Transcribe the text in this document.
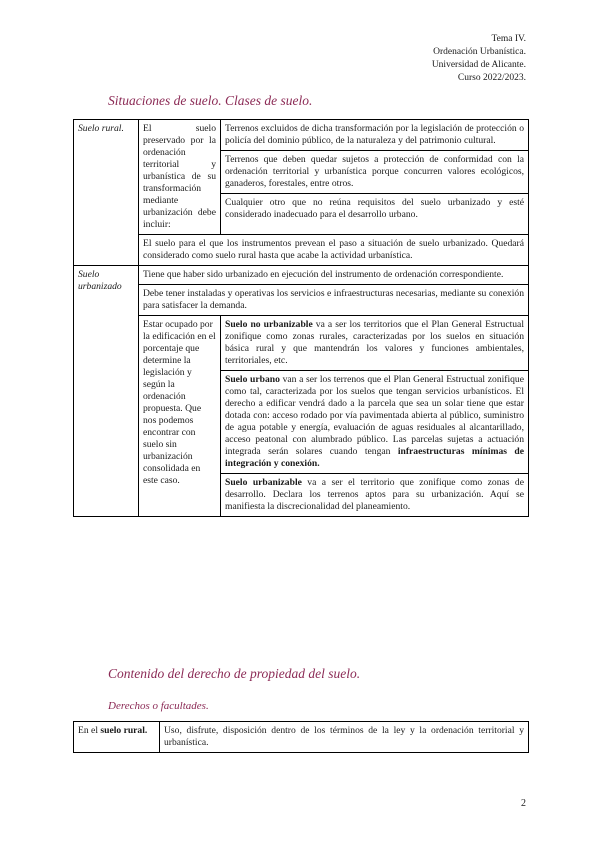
Tema IV.
Ordenación Urbanística.
Universidad de Alicante.
Curso 2022/2023.
Situaciones de suelo. Clases de suelo.
Suelo rural.	El suelo preservado por la ordenación territorial y urbanística de su transformación mediante urbanización debe incluir:	Terrenos excluidos de dicha transformación por la legislación de protección o policía del dominio público, de la naturaleza y del patrimonio cultural.
		Terrenos que deben quedar sujetos a protección de conformidad con la ordenación territorial y urbanística porque concurren valores ecológicos, ganaderos, forestales, entre otros.
		Cualquier otro que no reúna requisitos del suelo urbanizado y esté considerado inadecuado para el desarrollo urbano.
	El suelo para el que los instrumentos prevean el paso a situación de suelo urbanizado. Quedará considerado como suelo rural hasta que acabe la actividad urbanística.	
Suelo urbanizado	Tiene que haber sido urbanizado en ejecución del instrumento de ordenación correspondiente.	
	Debe tener instaladas y operativas los servicios e infraestructuras necesarias, mediante su conexión para satisfacer la demanda.	
	Estar ocupado por la edificación en el porcentaje que determine la legislación y según la ordenación propuesta. Que nos podemos encontrar con suelo sin urbanización consolidada en este caso.	Suelo no urbanizable va a ser los territorios que el Plan General Estructual zonifique como zonas rurales, caracterizadas por los suelos en situación básica rural y que mantendrán los valores y funciones ambientales, territoriales, etc.
		Suelo urbano van a ser los terrenos que el Plan General Estructual zonifique como tal, caracterizada por los suelos que tengan servicios urbanísticos. El derecho a edificar vendrá dado a la parcela que sea un solar tiene que estar dotada con: acceso rodado por vía pavimentada abierta al público, suministro de agua potable y energía, evaluación de aguas residuales al alcantarillado, acceso peatonal con alumbrado público. Las parcelas sujetas a actuación integrada serán solares cuando tengan infraestructuras mínimas de integración y conexión.
		Suelo urbanizable va a ser el territorio que zonifique como zonas de desarrollo. Declara los terrenos aptos para su urbanización. Aquí se manifiesta la discrecionalidad del planeamiento.
Contenido del derecho de propiedad del suelo.
Derechos o facultades.
En el suelo rural.	Uso, disfrute, disposición dentro de los términos de la ley y la ordenación territorial y urbanística.
2
